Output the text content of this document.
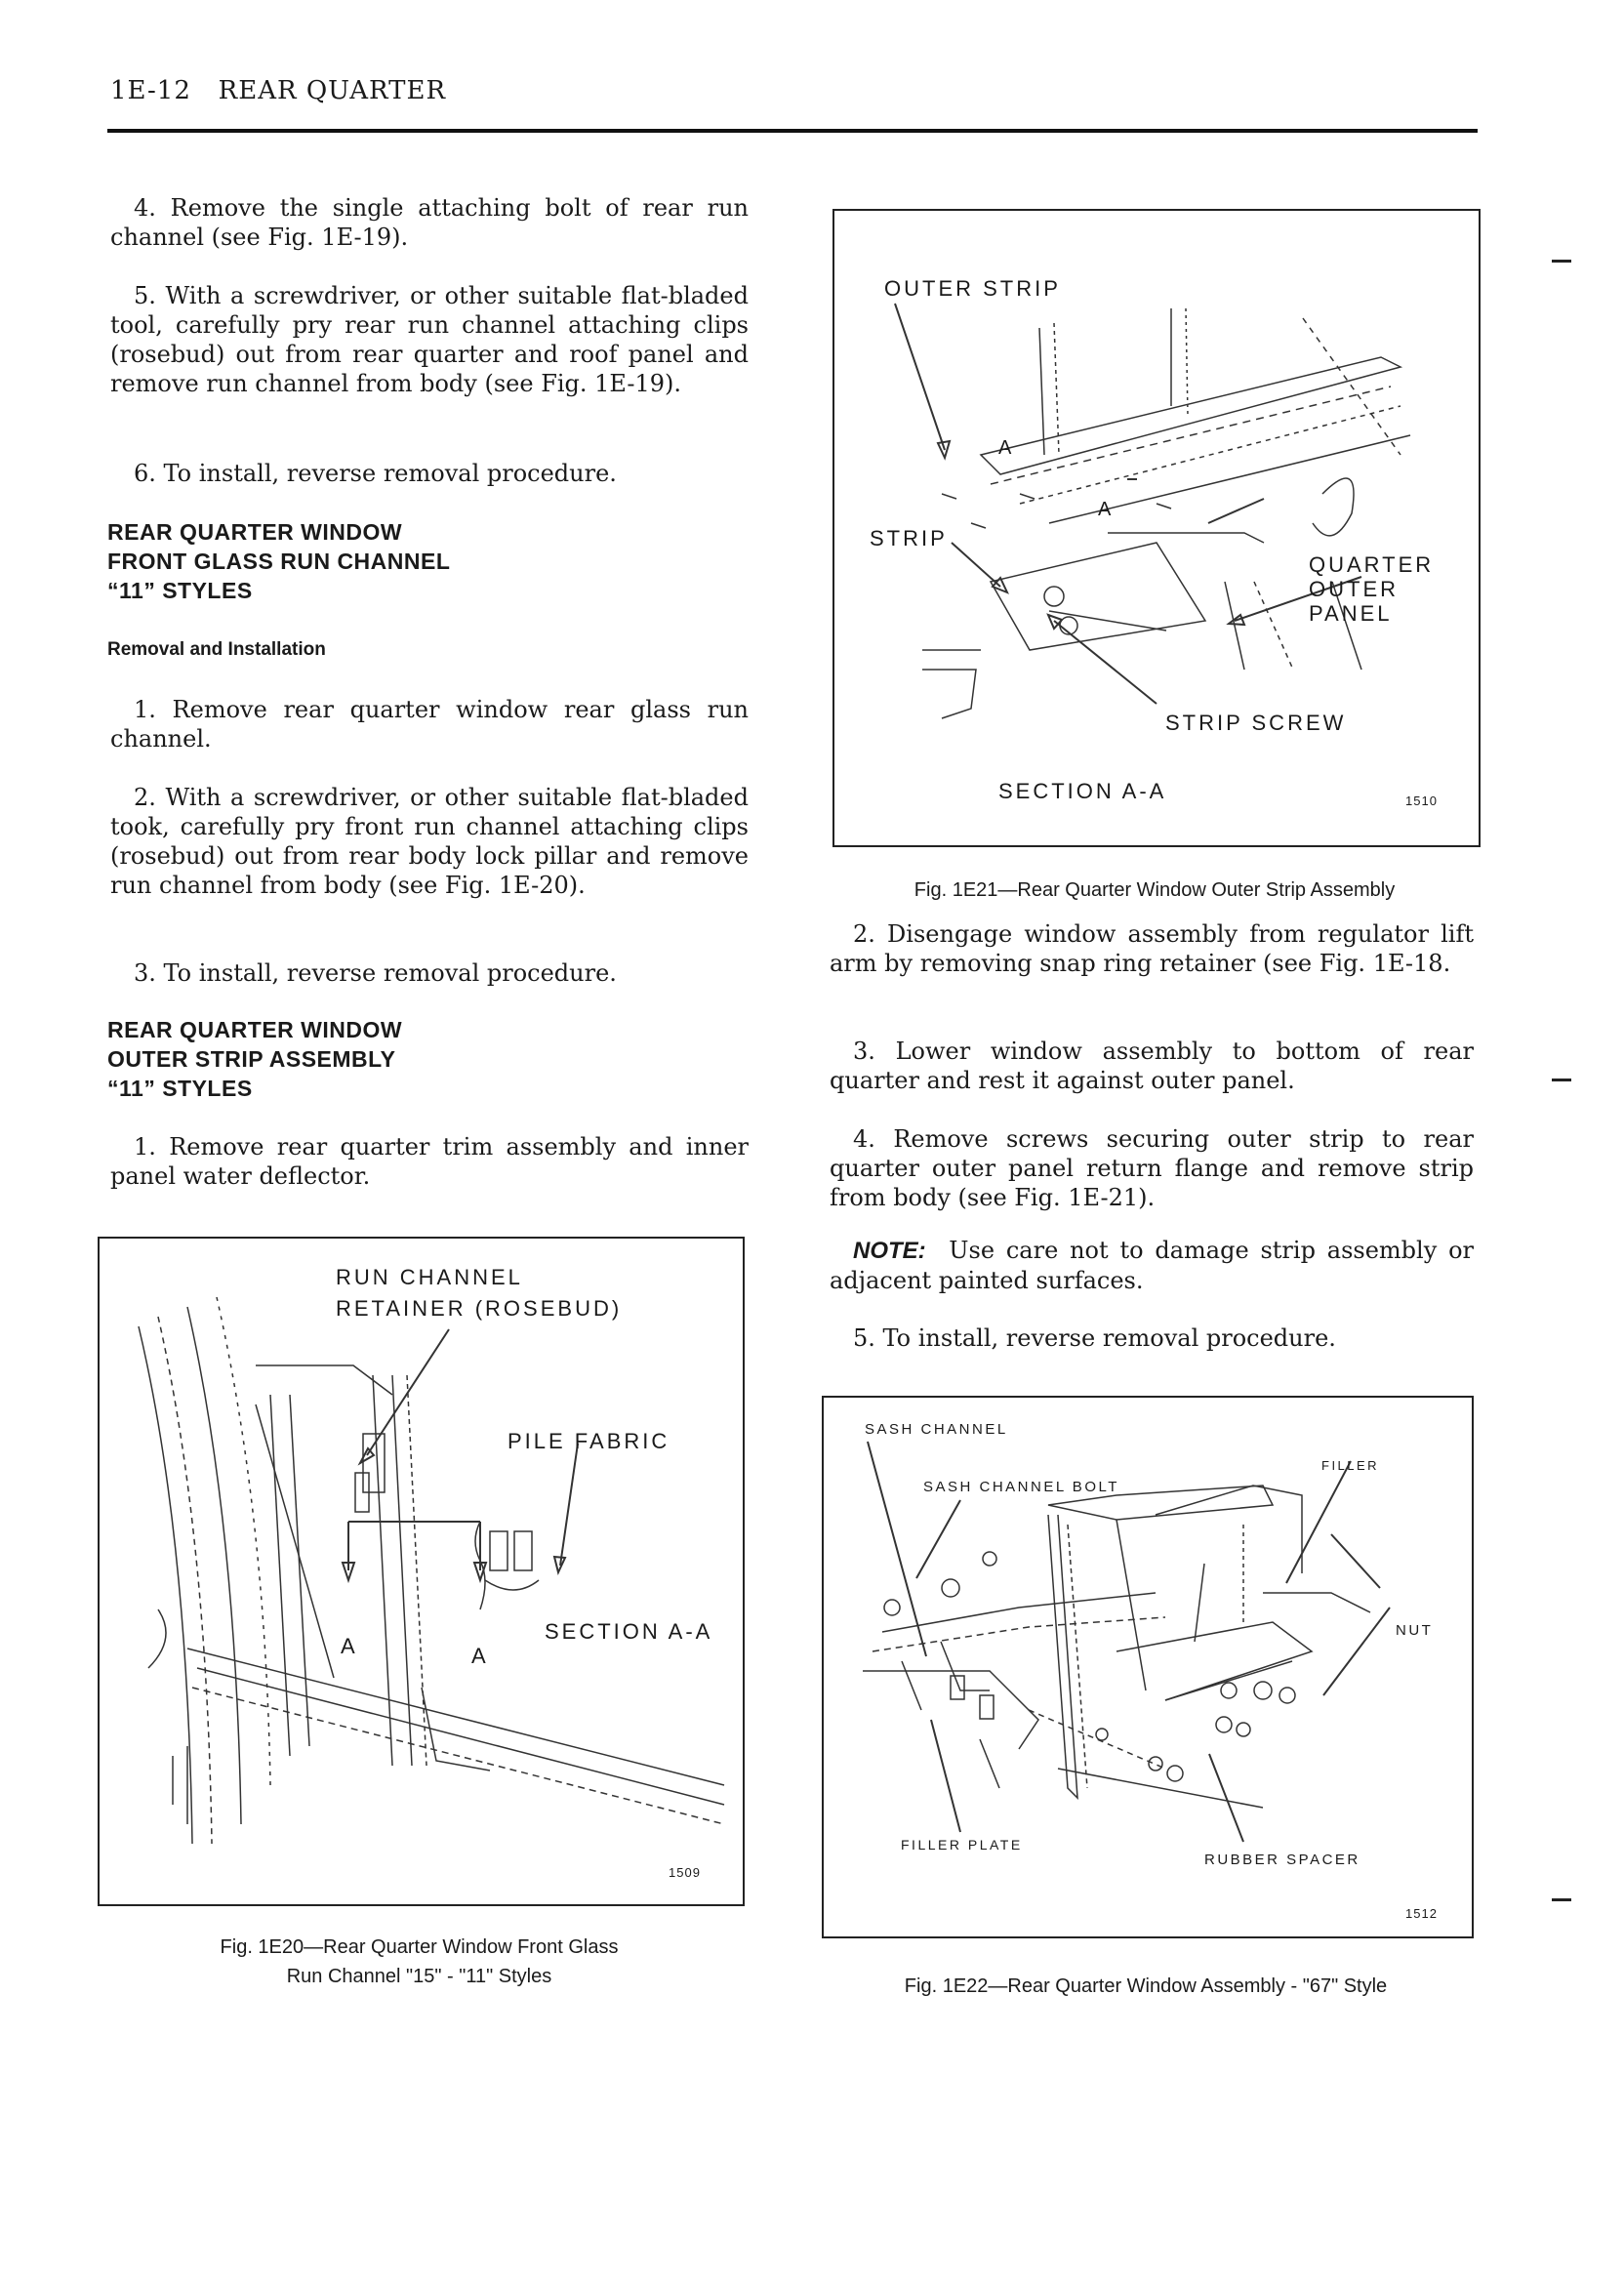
1E-12 REAR QUARTER
4. Remove the single attaching bolt of rear run channel (see Fig. 1E-19).
5. With a screwdriver, or other suitable flat-bladed tool, carefully pry rear run channel attaching clips (rosebud) out from rear quarter and roof panel and remove run channel from body (see Fig. 1E-19).
6. To install, reverse removal procedure.
REAR QUARTER WINDOW
FRONT GLASS RUN CHANNEL
“11” STYLES
Removal and Installation
1. Remove rear quarter window rear glass run channel.
2. With a screwdriver, or other suitable flat-bladed took, carefully pry front run channel attaching clips (rosebud) out from rear body lock pillar and remove run channel from body (see Fig. 1E-20).
3. To install, reverse removal procedure.
REAR QUARTER WINDOW
OUTER STRIP ASSEMBLY
“11” STYLES
1. Remove rear quarter trim assembly and inner panel water deflector.
RUN CHANNEL
RETAINER (ROSEBUD)
PILE FABRIC
SECTION A-A
A	A
1509
Fig. 1E20—Rear Quarter Window Front Glass
Run Channel "15" - "11" Styles
OUTER STRIP
STRIP
QUARTER
OUTER
PANEL
STRIP SCREW
A
A
SECTION A-A	1510
Fig. 1E21—Rear Quarter Window Outer Strip Assembly
2. Disengage window assembly from regulator lift arm by removing snap ring retainer (see Fig. 1E-18.
3. Lower window assembly to bottom of rear quarter and rest it against outer panel.
4. Remove screws securing outer strip to rear quarter outer panel return flange and remove strip from body (see Fig. 1E-21).
NOTE: Use care not to damage strip assembly or adjacent painted surfaces.
5. To install, reverse removal procedure.
SASH CHANNEL
FILLER
SASH CHANNEL BOLT
NUT
FILLER PLATE
RUBBER SPACER
1512
Fig. 1E22—Rear Quarter Window Assembly - "67" Style
